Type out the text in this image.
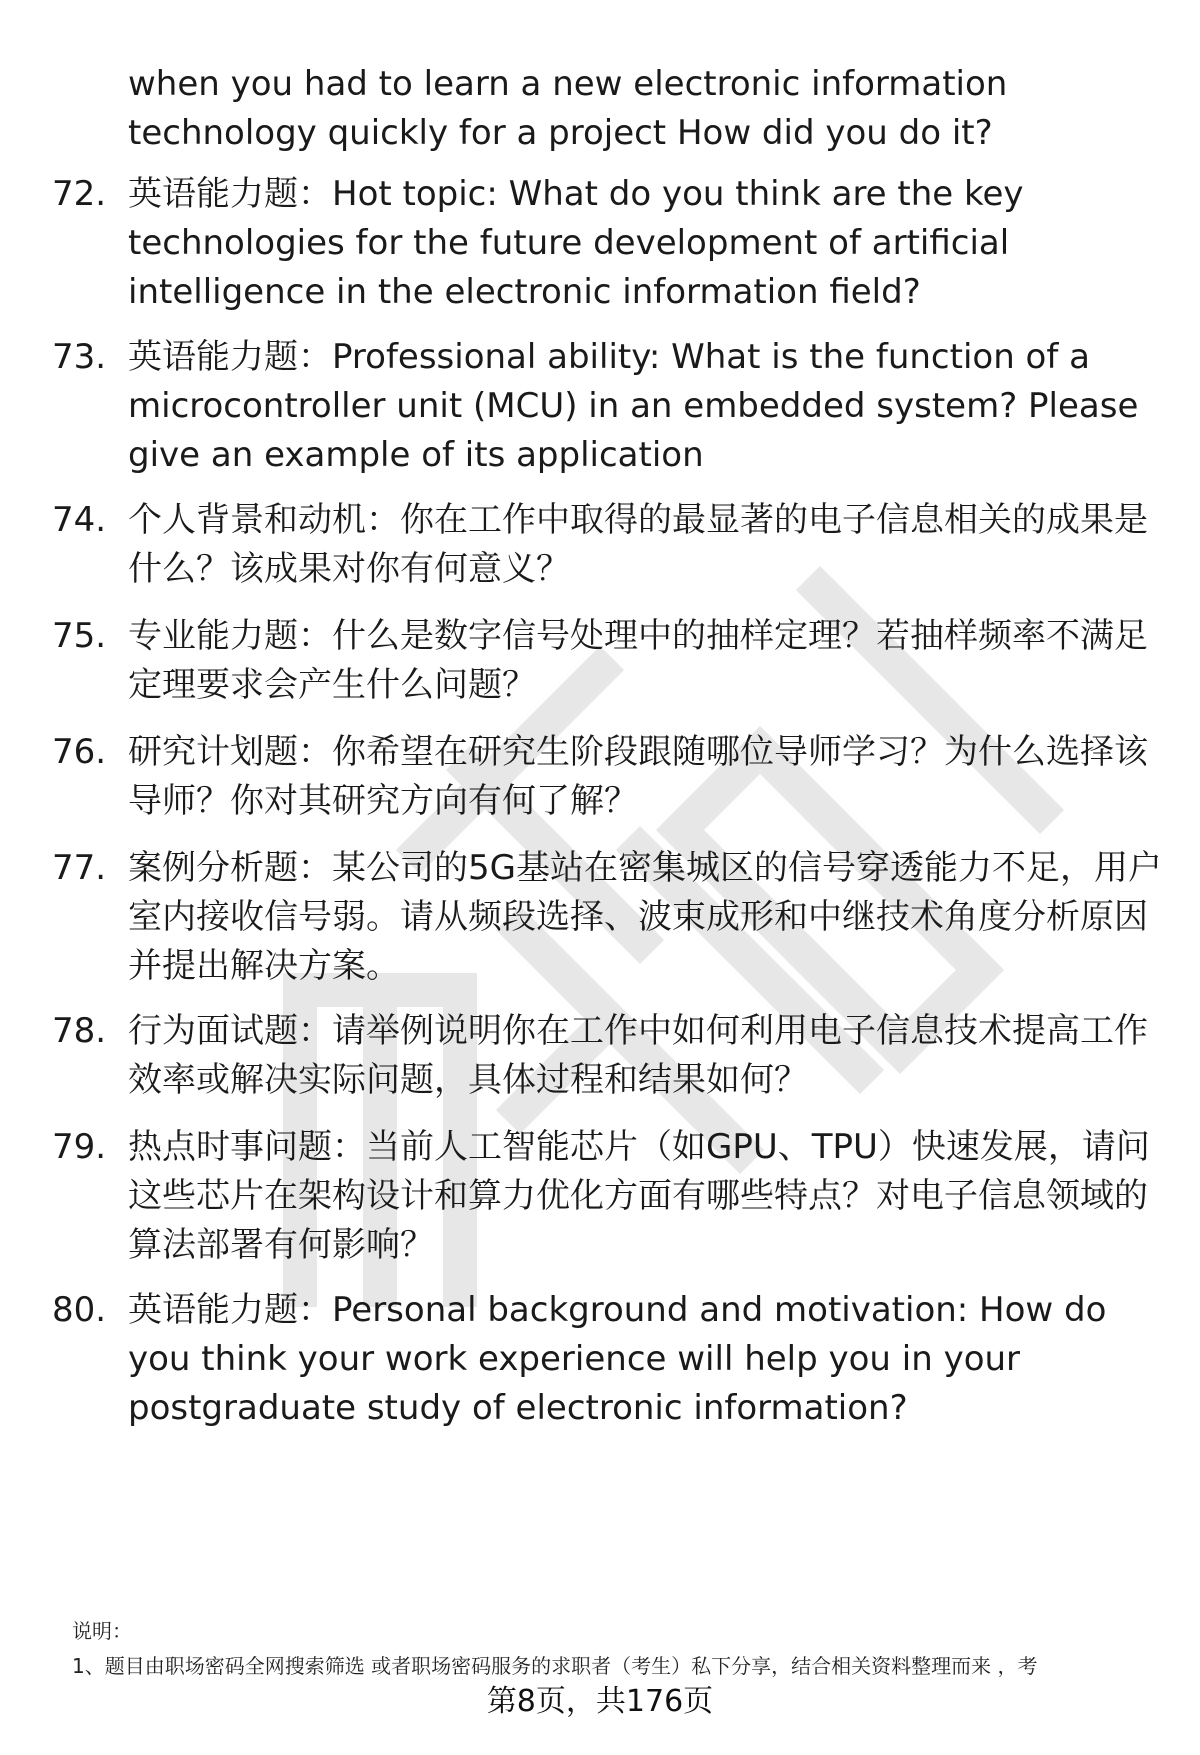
when you had to learn a new electronic information technology quickly for a project How did you do it?
72. 英语能力题：Hot topic: What do you think are the key technologies for the future development of artificial intelligence in the electronic information field?
73. 英语能力题：Professional ability: What is the function of a microcontroller unit (MCU) in an embedded system? Please give an example of its application
74. 个人背景和动机：你在工作中取得的最显著的电子信息相关的成果是什么？该成果对你有何意义？
75. 专业能力题：什么是数字信号处理中的抽样定理？若抽样频率不满足定理要求会产生什么问题？
76. 研究计划题：你希望在研究生阶段跟随哪位导师学习？为什么选择该导师？你对其研究方向有何了解？
77. 案例分析题：某公司的5G基站在密集城区的信号穿透能力不足，用户室内接收信号弱。请从频段选择、波束成形和中继技术角度分析原因并提出解决方案。
78. 行为面试题：请举例说明你在工作中如何利用电子信息技术提高工作效率或解决实际问题，具体过程和结果如何？
79. 热点时事问题：当前人工智能芯片（如GPU、TPU）快速发展，请问这些芯片在架构设计和算力优化方面有哪些特点？对电子信息领域的算法部署有何影响？
80. 英语能力题：Personal background and motivation: How do you think your work experience will help you in your postgraduate study of electronic information?
说明：
1、题目由职场密码全网搜索筛选 或者职场密码服务的求职者（考生）私下分享，结合相关资料整理而来 ，考
第8页，共176页
